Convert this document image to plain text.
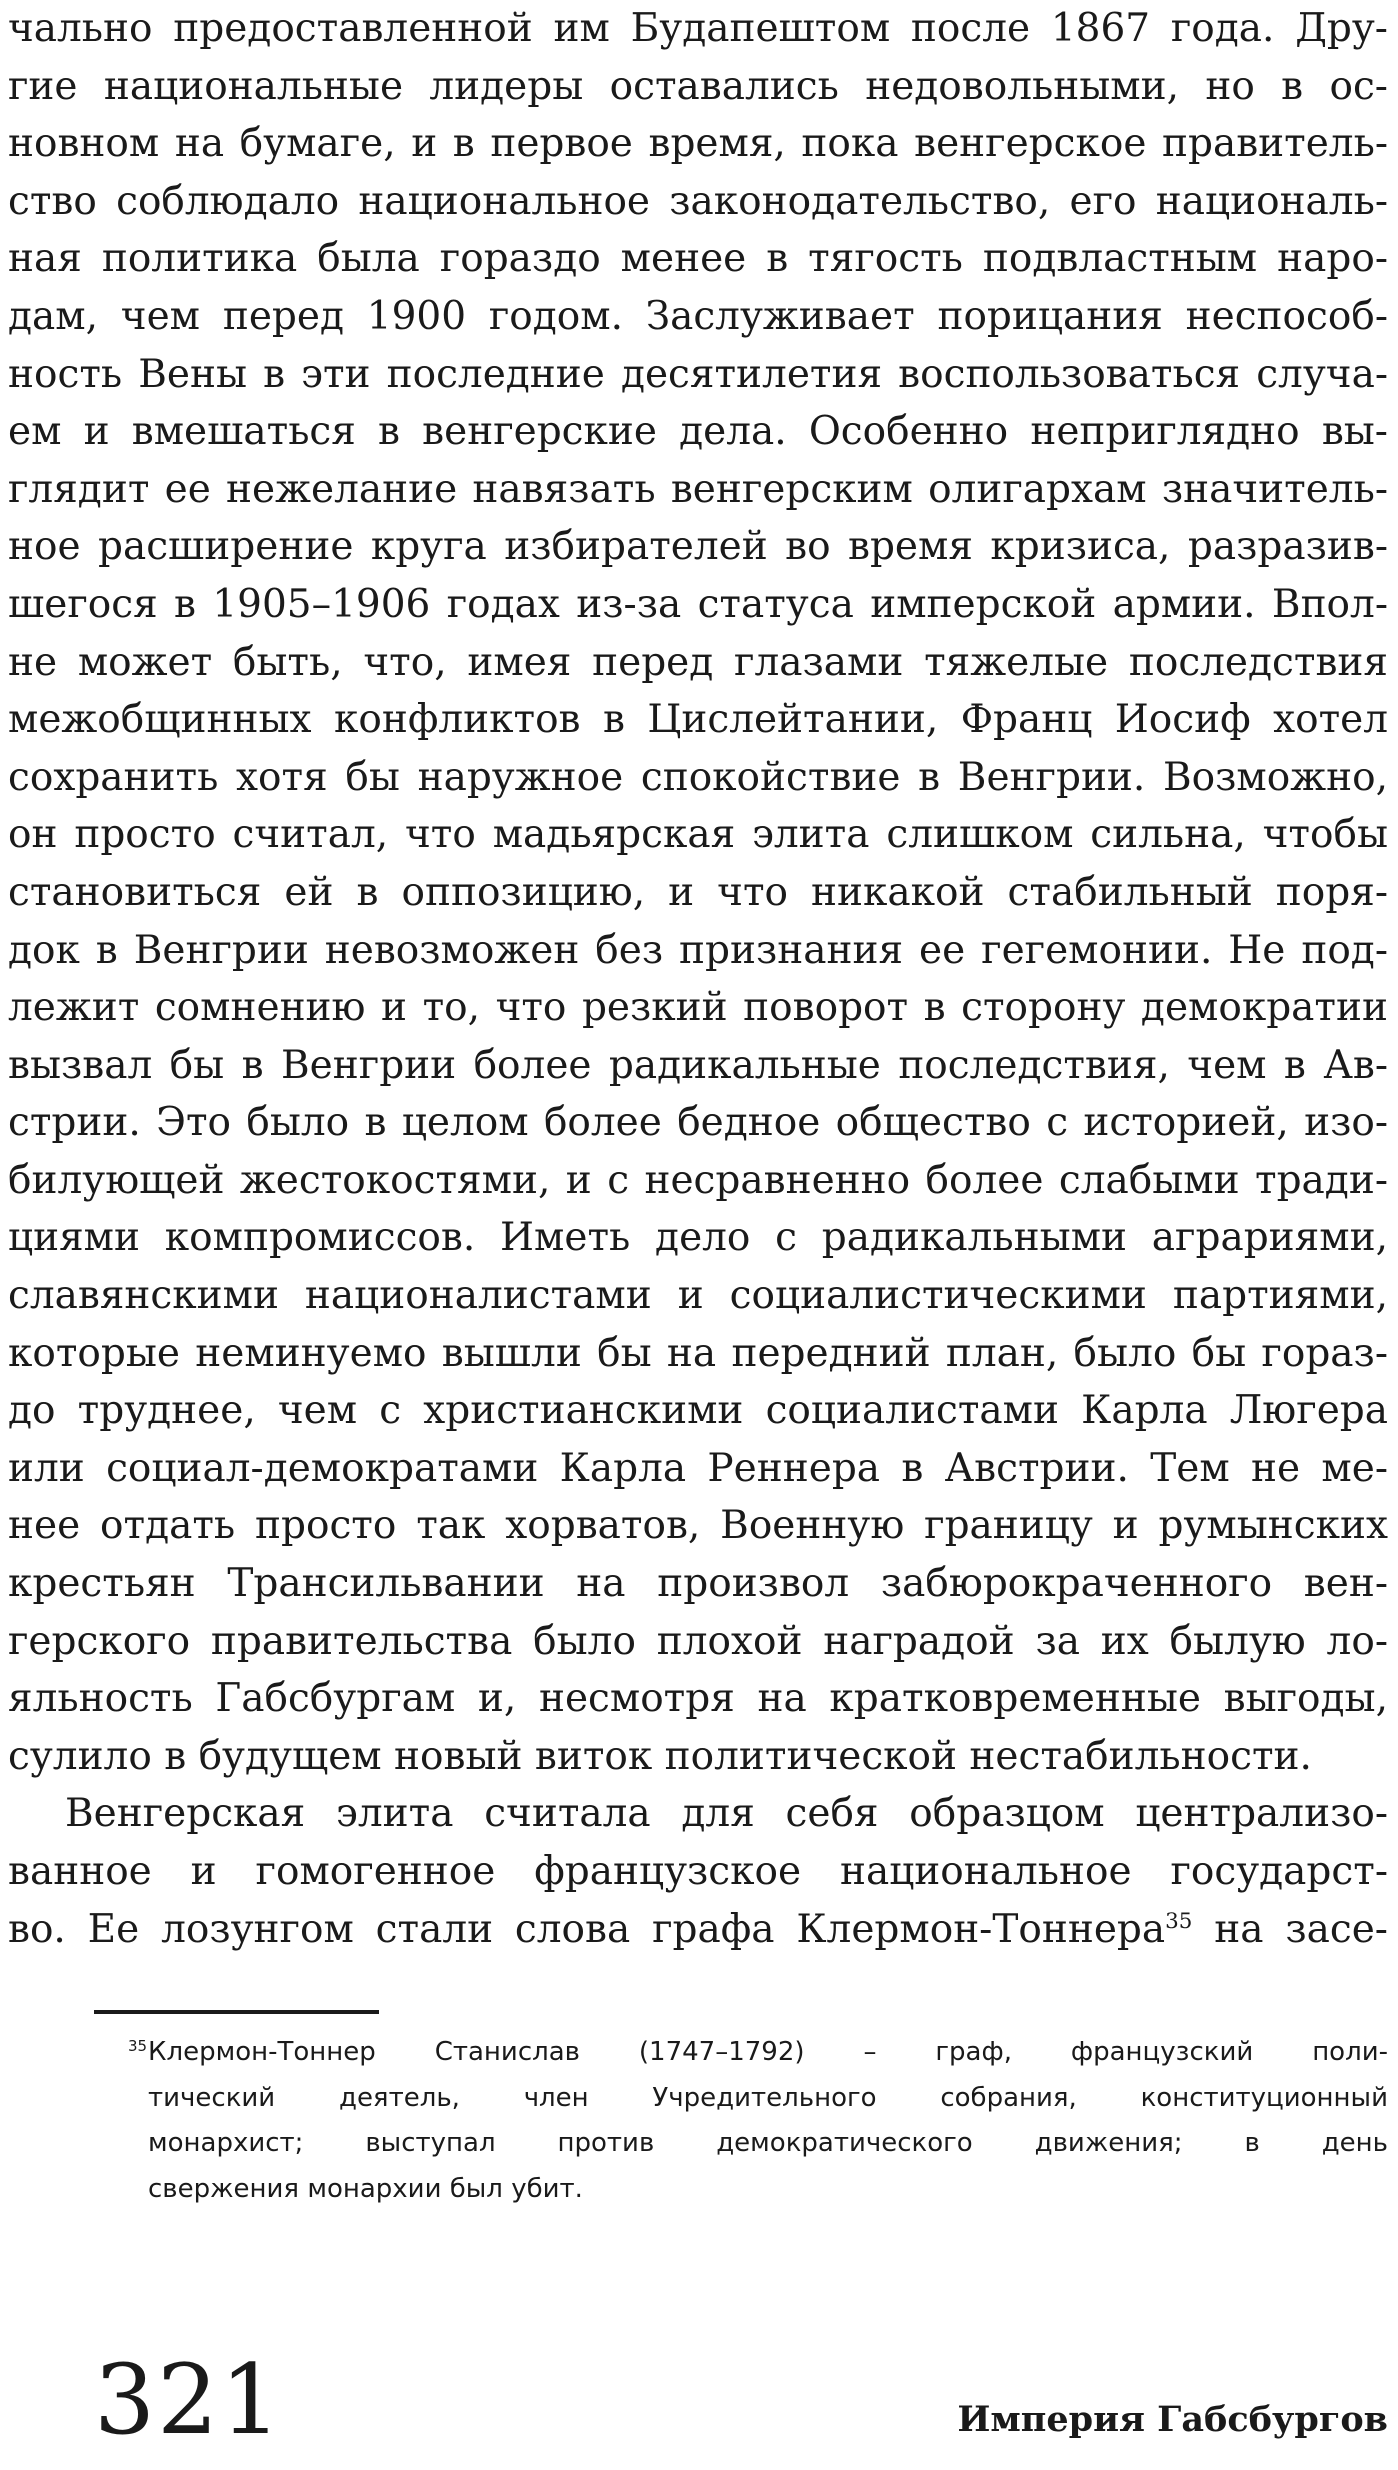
чально предоставленной им Будапештом после 1867 года. Дру-
гие национальные лидеры оставались недовольными, но в ос-
новном на бумаге, и в первое время, пока венгерское правитель-
ство соблюдало национальное законодательство, его националь-
ная политика была гораздо менее в тягость подвластным наро-
дам, чем перед 1900 годом. Заслуживает порицания неспособ-
ность Вены в эти последние десятилетия воспользоваться случа-
ем и вмешаться в венгерские дела. Особенно неприглядно вы-
глядит ее нежелание навязать венгерским олигархам значитель-
ное расширение круга избирателей во время кризиса, разразив-
шегося в 1905–1906 годах из-за статуса имперской армии. Впол-
не может быть, что, имея перед глазами тяжелые последствия
межобщинных конфликтов в Цислейтании, Франц Иосиф хотел
сохранить хотя бы наружное спокойствие в Венгрии. Возможно,
он просто считал, что мадьярская элита слишком сильна, чтобы
становиться ей в оппозицию, и что никакой стабильный поря-
док в Венгрии невозможен без признания ее гегемонии. Не под-
лежит сомнению и то, что резкий поворот в сторону демократии
вызвал бы в Венгрии более радикальные последствия, чем в Ав-
стрии. Это было в целом более бедное общество с историей, изо-
билующей жестокостями, и с несравненно более слабыми тради-
циями компромиссов. Иметь дело с радикальными аграриями,
славянскими националистами и социалистическими партиями,
которые неминуемо вышли бы на передний план, было бы гораз-
до труднее, чем с христианскими социалистами Карла Люгера
или социал-демократами Карла Реннера в Австрии. Тем не ме-
нее отдать просто так хорватов, Военную границу и румынских
крестьян Трансильвании на произвол забюрокраченного вен-
герского правительства было плохой наградой за их былую ло-
яльность Габсбургам и, несмотря на кратковременные выгоды,
сулило в будущем новый виток политической нестабильности.
Венгерская элита считала для себя образцом централизо-
ванное и гомогенное французское национальное государст-
во. Ее лозунгом стали слова графа Клермон-Тоннера$^{35}$ на засе-
35 Клермон-Тоннер Станислав (1747–1792) – граф, французский поли-
тический деятель, член Учредительного собрания, конституционный
монархист; выступал против демократического движения; в день
свержения монархии был убит.
321	Империя Габсбургов
